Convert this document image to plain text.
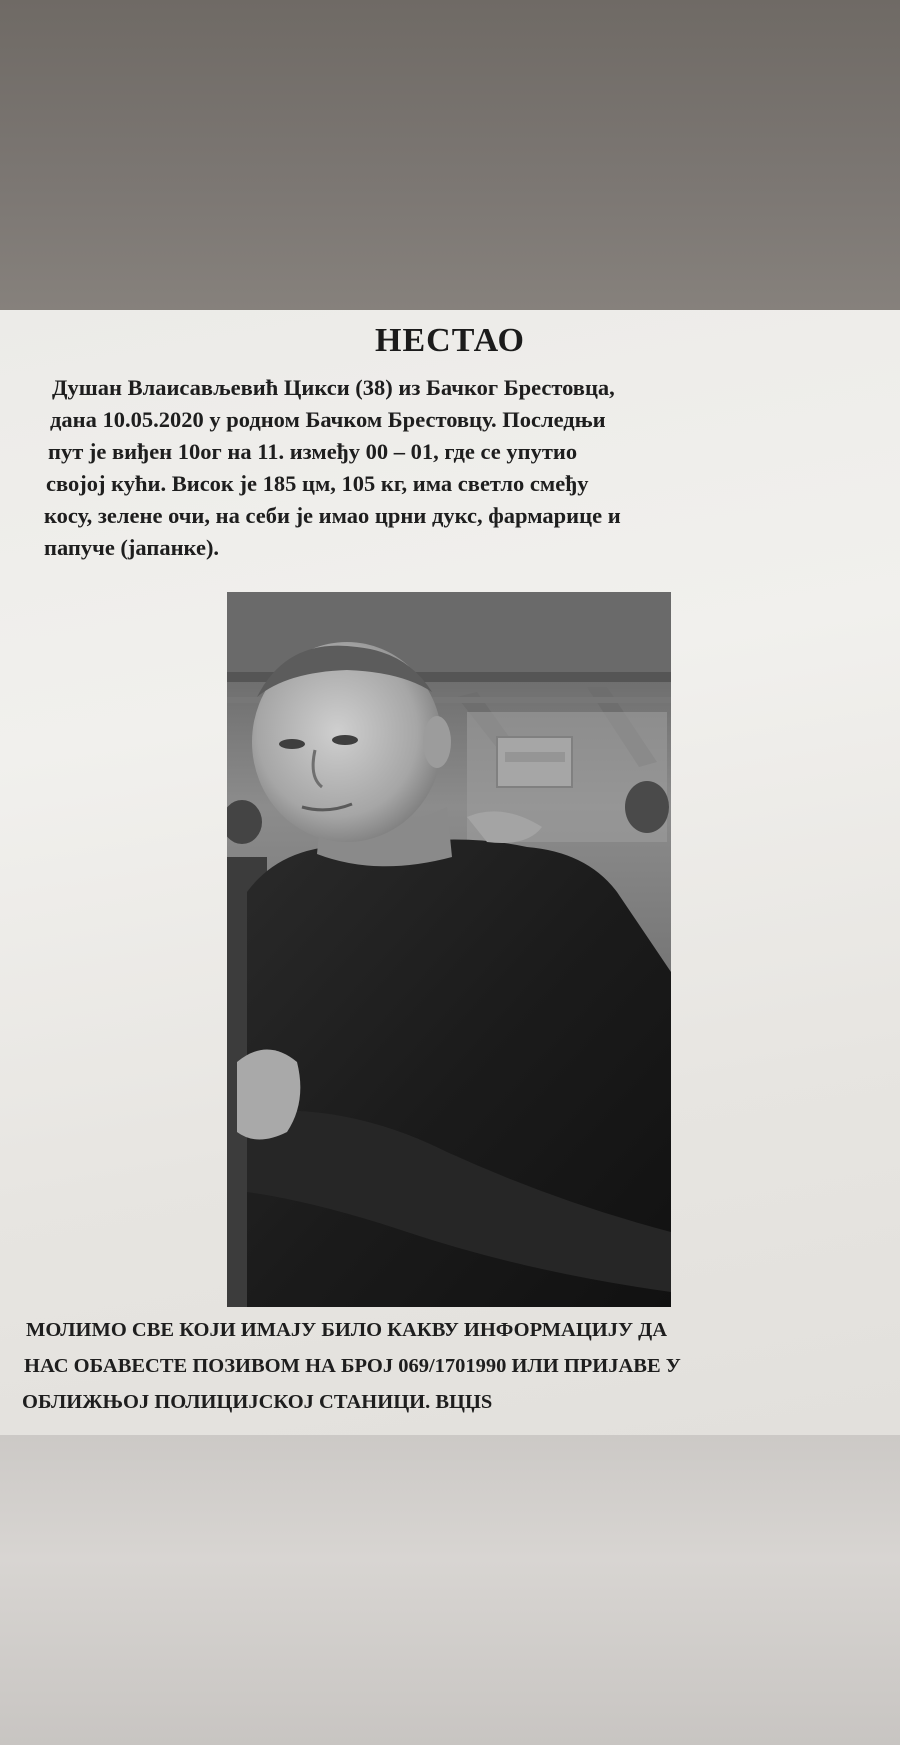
НЕСТАО
Душан Влаисављевић Цикси (38) из Бачког Брестовца,
дана 10.05.2020 у родном Бачком Брестовцу. Последњи
пут је виђен 10ог на 11. између 00 – 01, где се упутио
својој кући. Висок је 185 цм, 105 кг, има светло смеђу
косу, зелене очи, на себи је имао црни дукс, фармарице и
папуче (јапанке).
МОЛИМО СВЕ КОЈИ ИМАЈУ БИЛО КАКВУ ИНФОРМАЦИЈУ ДА
НАС ОБАВЕСТЕ ПОЗИВОМ НА БРОЈ 069/1701990 ИЛИ ПРИЈАВЕ У
ОБЛИЖЊОЈ ПОЛИЦИЈСКОЈ СТАНИЦИ. ВЦЏS
